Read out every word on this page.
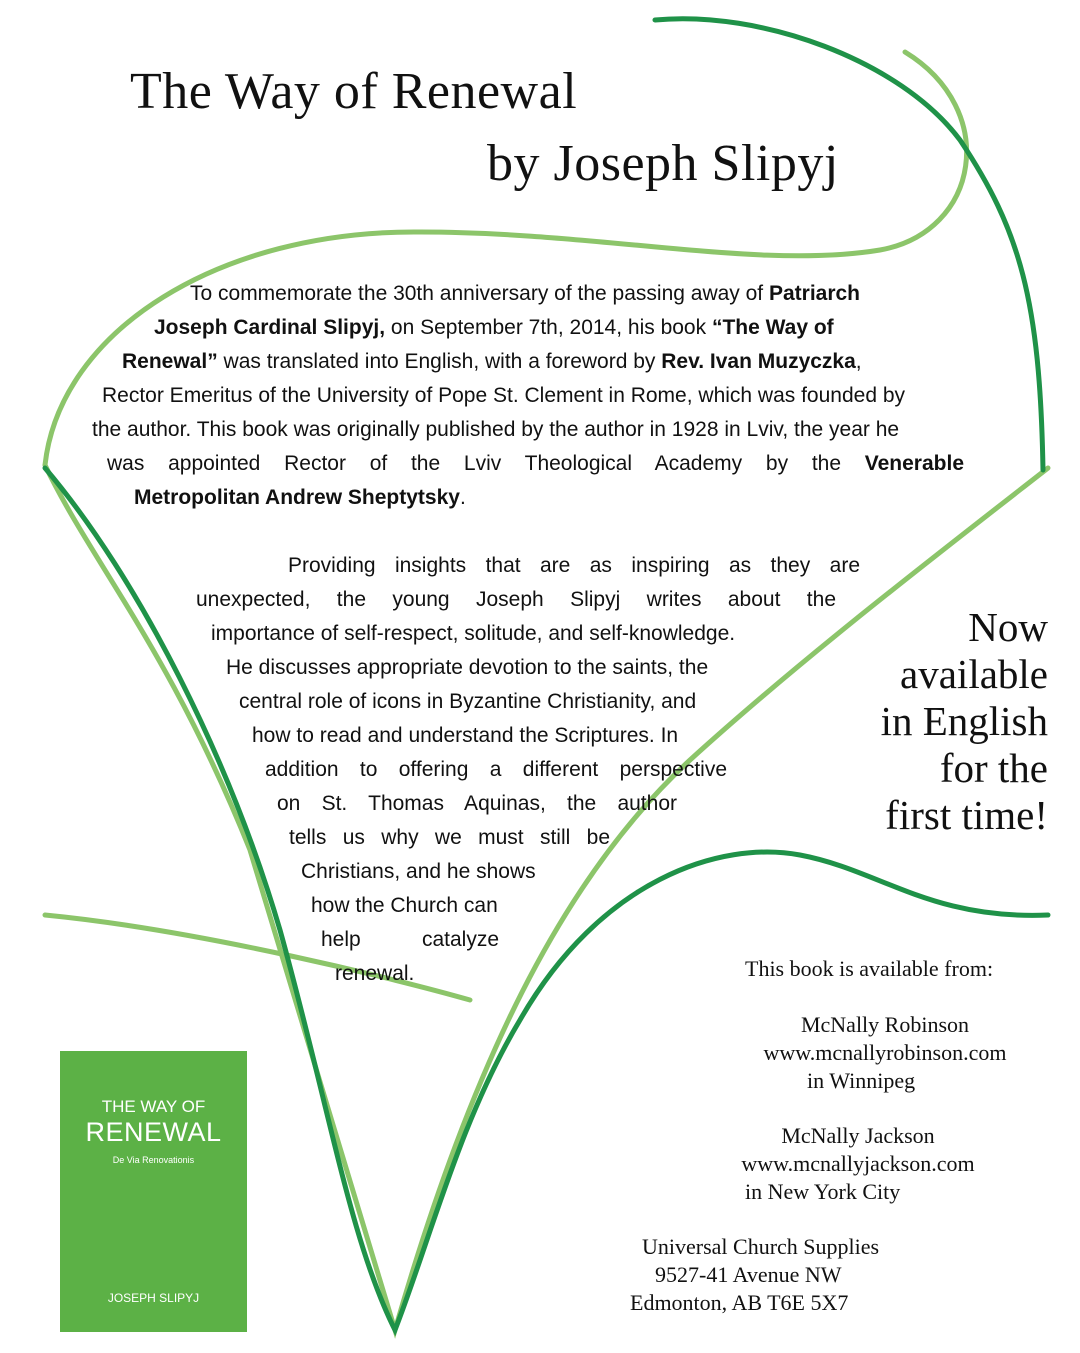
The Way of Renewal
by Joseph Slipyj
To commemorate the 30th anniversary of the passing away of Patriarch
Joseph Cardinal Slipyj, on September 7th, 2014, his book “The Way of
Renewal” was translated into English, with a foreword by Rev. Ivan Muzyczka,
Rector Emeritus of the University of Pope St. Clement in Rome, which was founded by
the author. This book was originally published by the author in 1928 in Lviv, the year he
was appointed Rector of the Lviv Theological Academy by the Venerable
Metropolitan Andrew Sheptytsky.
Providing insights that are as inspiring as they are
unexpected, the young Joseph Slipyj writes about the
importance of self-respect, solitude, and self-knowledge.
He discusses appropriate devotion to the saints, the
central role of icons in Byzantine Christianity, and
how to read and understand the Scriptures. In
addition to offering a different perspective
on St. Thomas Aquinas, the author
tells us why we must still be
Christians, and he shows
how the Church can
help catalyze
renewal.
Now
available
in English
for the
first time!
This book is available from:
McNally Robinson
www.mcnallyrobinson.com
in Winnipeg
McNally Jackson
www.mcnallyjackson.com
in New York City
Universal Church Supplies
9527-41 Avenue NW
Edmonton, AB T6E 5X7
THE WAY OF
RENEWAL
De Via Renovationis
JOSEPH SLIPYJ
